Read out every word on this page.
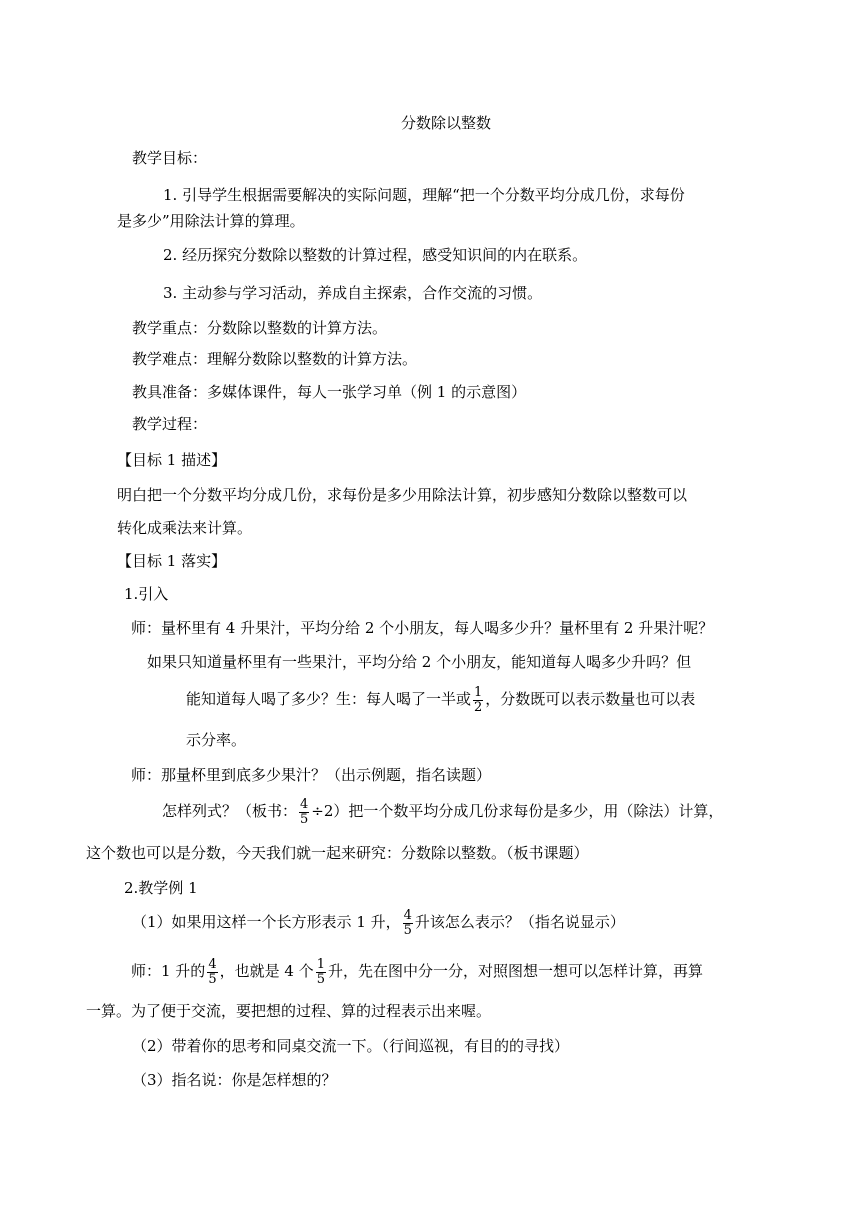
分数除以整数
教学目标：
1. 引导学生根据需要解决的实际问题，理解“把一个分数平均分成几份，求每份
是多少”用除法计算的算理。
2. 经历探究分数除以整数的计算过程，感受知识间的内在联系。
3. 主动参与学习活动，养成自主探索，合作交流的习惯。
教学重点：分数除以整数的计算方法。
教学难点：理解分数除以整数的计算方法。
教具准备：多媒体课件，每人一张学习单（例 1 的示意图）
教学过程：
【目标 1 描述】
明白把一个分数平均分成几份，求每份是多少用除法计算，初步感知分数除以整数可以
转化成乘法来计算。
【目标 1 落实】
1.引入
师：量杯里有 4 升果汁，平均分给 2 个小朋友，每人喝多少升？量杯里有 2 升果汁呢？
如果只知道量杯里有一些果汁，平均分给 2 个小朋友，能知道每人喝多少升吗？但
能知道每人喝了多少？生：每人喝了一半或 $\frac{1}{2}$ ，分数既可以表示数量也可以表
示分率。
师：那量杯里到底多少果汁？（出示例题，指名读题）
怎样列式？（板书： $\frac{4}{5} \div 2$）把一个数平均分成几份求每份是多少，用（除法）计算，
这个数也可以是分数，今天我们就一起来研究：分数除以整数。（板书课题）
2.教学例 1
（1）如果用这样一个长方形表示 1 升， $\frac{4}{5}$ 升该怎么表示？（指名说显示）
师：1 升的 $\frac{4}{5}$ ，也就是 4 个 $\frac{1}{5}$ 升，先在图中分一分，对照图想一想可以怎样计算，再算
一算。为了便于交流，要把想的过程、算的过程表示出来喔。
（2）带着你的思考和同桌交流一下。（行间巡视，有目的的寻找）
（3）指名说：你是怎样想的？
